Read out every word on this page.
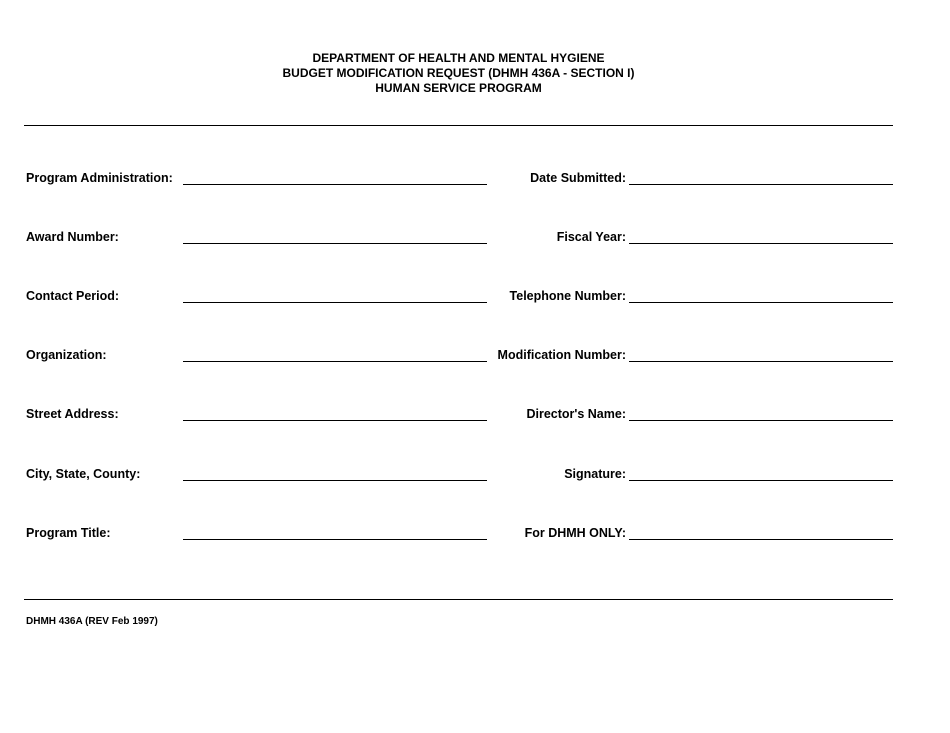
DEPARTMENT OF HEALTH AND MENTAL HYGIENE
BUDGET MODIFICATION REQUEST (DHMH 436A - SECTION I)
HUMAN SERVICE PROGRAM
Program Administration:
Award Number:
Contact Period:
Organization:
Street Address:
City, State, County:
Program Title:
Date Submitted:
Fiscal Year:
Telephone Number:
Modification Number:
Director's Name:
Signature:
For DHMH ONLY:
DHMH 436A (REV Feb 1997)
